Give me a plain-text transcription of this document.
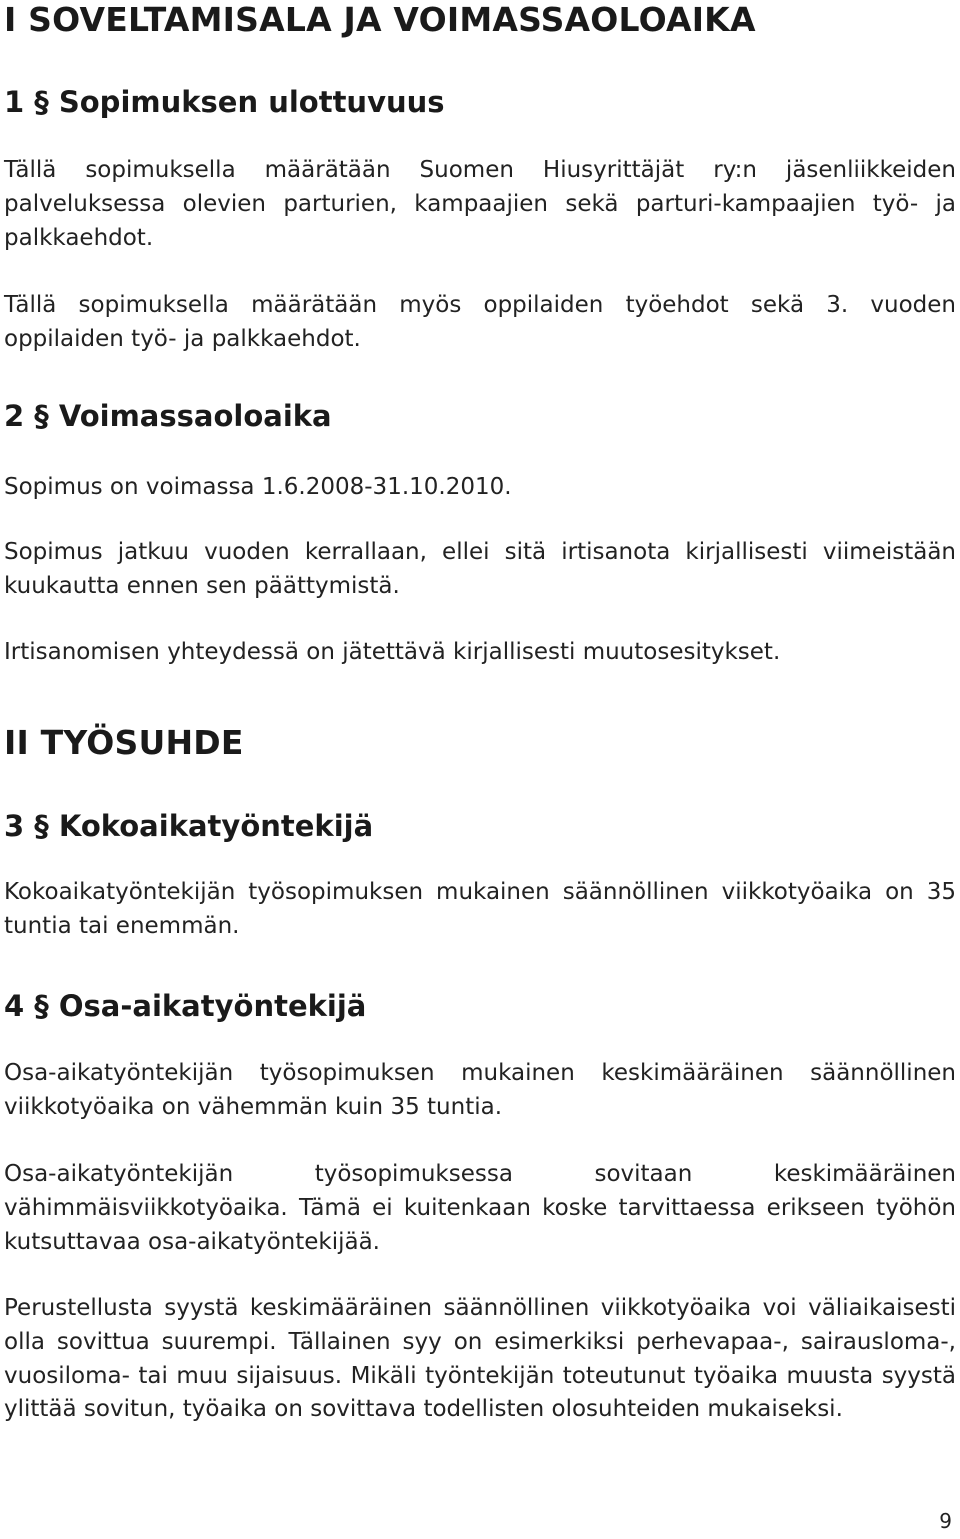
I SOVELTAMISALA JA VOIMASSAOLOAIKA
1 § Sopimuksen ulottuvuus

Tällä sopimuksella määrätään Suomen Hiusyrittäjät ry:n jäsenliikkeiden palveluksessa olevien parturien, kampaajien sekä parturi-kampaajien työ- ja palkkaehdot.

Tällä sopimuksella määrätään myös oppilaiden työehdot sekä 3. vuoden oppilaiden työ- ja palkkaehdot.

2 § Voimassaoloaika

Sopimus on voimassa 1.6.2008-31.10.2010.

Sopimus jatkuu vuoden kerrallaan, ellei sitä irtisanota kirjallisesti viimeistään kuukautta ennen sen päättymistä.

Irtisanomisen yhteydessä on jätettävä kirjallisesti muutosesitykset.

II TYÖSUHDE
3 § Kokoaikatyöntekijä

Kokoaikatyöntekijän työsopimuksen mukainen säännöllinen viikkotyöaika on 35 tuntia tai enemmän.

4 § Osa-aikatyöntekijä

Osa-aikatyöntekijän työsopimuksen mukainen keskimääräinen säännöllinen viikkotyöaika on vähemmän kuin 35 tuntia.

Osa-aikatyöntekijän työsopimuksessa sovitaan keskimääräinen vähimmäisviikkotyöaika. Tämä ei kuitenkaan koske tarvittaessa erikseen työhön kutsuttavaa osa-aikatyöntekijää.

Perustellusta syystä keskimääräinen säännöllinen viikkotyöaika voi väliaikaisesti olla sovittua suurempi. Tällainen syy on esimerkiksi perhevapaa-, sairausloma-, vuosiloma- tai muu sijaisuus. Mikäli työntekijän toteutunut työaika muusta syystä ylittää sovitun, työaika on sovittava todellisten olosuhteiden mukaiseksi.

9
